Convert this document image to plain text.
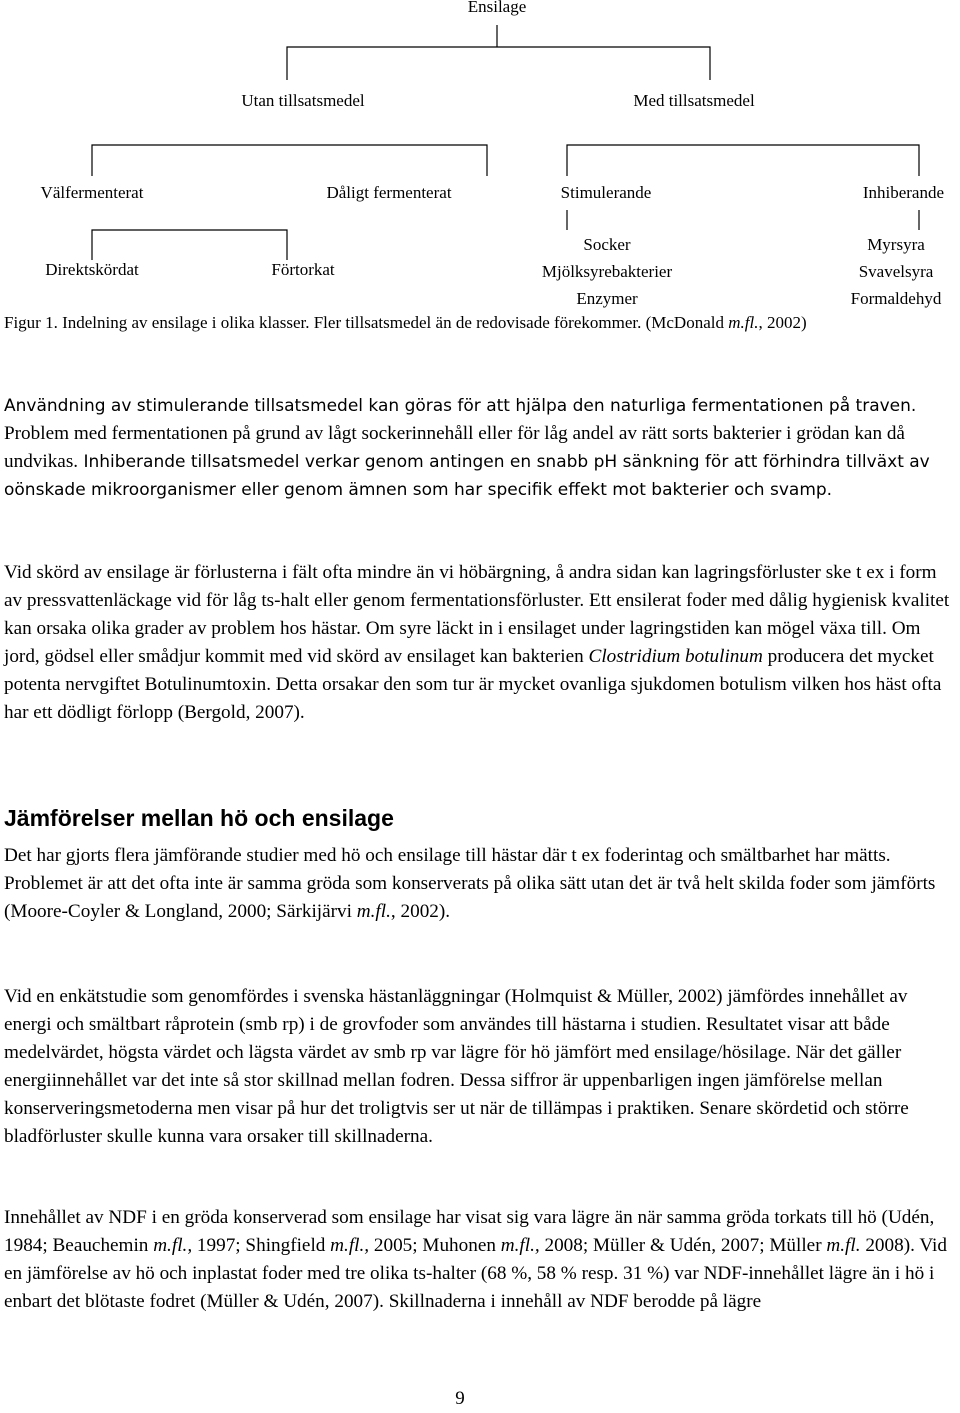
Ensilage
Utan tillsatsmedel	Med tillsatsmedel
Välfermenterat	Dåligt fermenterat	Stimulerande	Inhiberande
Direktskördat	Förtorkat
Socker
Mjölksyrebakterier
Enzymer
Myrsyra
Svavelsyra
Formaldehyd
Figur 1. Indelning av ensilage i olika klasser. Fler tillsatsmedel än de redovisade förekommer. (McDonald m.fl., 2002)

Användning av stimulerande tillsatsmedel kan göras för att hjälpa den naturliga fermentationen på traven. Problem med fermentationen på grund av lågt sockerinnehåll eller för låg andel av rätt sorts bakterier i grödan kan då undvikas. Inhiberande tillsatsmedel verkar genom antingen en snabb pH sänkning för att förhindra tillväxt av oönskade mikroorganismer eller genom ämnen som har specifik effekt mot bakterier och svamp.

Vid skörd av ensilage är förlusterna i fält ofta mindre än vi höbärgning, å andra sidan kan lagringsförluster ske t ex i form av pressvattenläckage vid för låg ts-halt eller genom fermentationsförluster. Ett ensilerat foder med dålig hygienisk kvalitet kan orsaka olika grader av problem hos hästar. Om syre läckt in i ensilaget under lagringstiden kan mögel växa till. Om jord, gödsel eller smådjur kommit med vid skörd av ensilaget kan bakterien Clostridium botulinum producera det mycket potenta nervgiftet Botulinumtoxin. Detta orsakar den som tur är mycket ovanliga sjukdomen botulism vilken hos häst ofta har ett dödligt förlopp (Bergold, 2007).

Jämförelser mellan hö och ensilage

Det har gjorts flera jämförande studier med hö och ensilage till hästar där t ex foderintag och smältbarhet har mätts. Problemet är att det ofta inte är samma gröda som konserverats på olika sätt utan det är två helt skilda foder som jämförts (Moore-Coyler & Longland, 2000; Särkijärvi m.fl., 2002).

Vid en enkätstudie som genomfördes i svenska hästanläggningar (Holmquist & Müller, 2002) jämfördes innehållet av energi och smältbart råprotein (smb rp) i de grovfoder som användes till hästarna i studien. Resultatet visar att både medelvärdet, högsta värdet och lägsta värdet av smb rp var lägre för hö jämfört med ensilage/hösilage. När det gäller energiinnehållet var det inte så stor skillnad mellan fodren. Dessa siffror är uppenbarligen ingen jämförelse mellan konserveringsmetoderna men visar på hur det troligtvis ser ut när de tillämpas i praktiken. Senare skördetid och större bladförluster skulle kunna vara orsaker till skillnaderna.

Innehållet av NDF i en gröda konserverad som ensilage har visat sig vara lägre än när samma gröda torkats till hö (Udén, 1984; Beauchemin m.fl., 1997; Shingfield m.fl., 2005; Muhonen m.fl., 2008; Müller & Udén, 2007; Müller m.fl. 2008). Vid en jämförelse av hö och inplastat foder med tre olika ts-halter (68 %, 58 % resp. 31 %) var NDF-innehållet lägre än i hö i enbart det blötaste fodret (Müller & Udén, 2007). Skillnaderna i innehåll av NDF berodde på lägre

9
